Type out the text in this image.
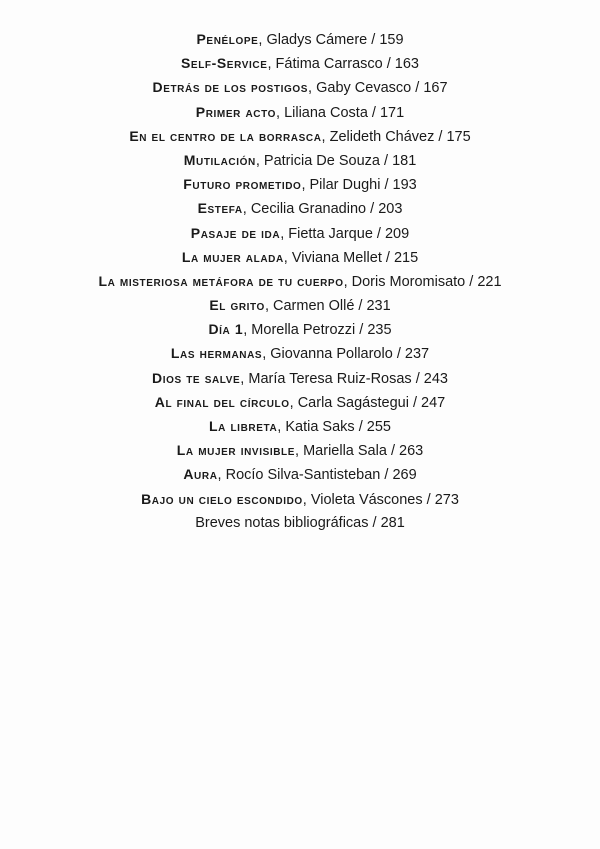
Penélope, Gladys Cámere / 159
Self-Service, Fátima Carrasco / 163
Detrás de los postigos, Gaby Cevasco / 167
Primer acto, Liliana Costa / 171
En el centro de la borrasca, Zelideth Chávez / 175
Mutilación, Patricia De Souza / 181
Futuro prometido, Pilar Dughi / 193
Estefa, Cecilia Granadino / 203
Pasaje de ida, Fietta Jarque / 209
La mujer alada, Viviana Mellet / 215
La misteriosa metáfora de tu cuerpo, Doris Moromisato / 221
El grito, Carmen Ollé / 231
Día 1, Morella Petrozzi / 235
Las hermanas, Giovanna Pollarolo / 237
Dios te salve, María Teresa Ruiz-Rosas / 243
Al final del círculo, Carla Sagástegui / 247
La libreta, Katia Saks / 255
La mujer invisible, Mariella Sala / 263
Aura, Rocío Silva-Santisteban / 269
Bajo un cielo escondido, Violeta Váscones / 273
Breves notas bibliográficas / 281
